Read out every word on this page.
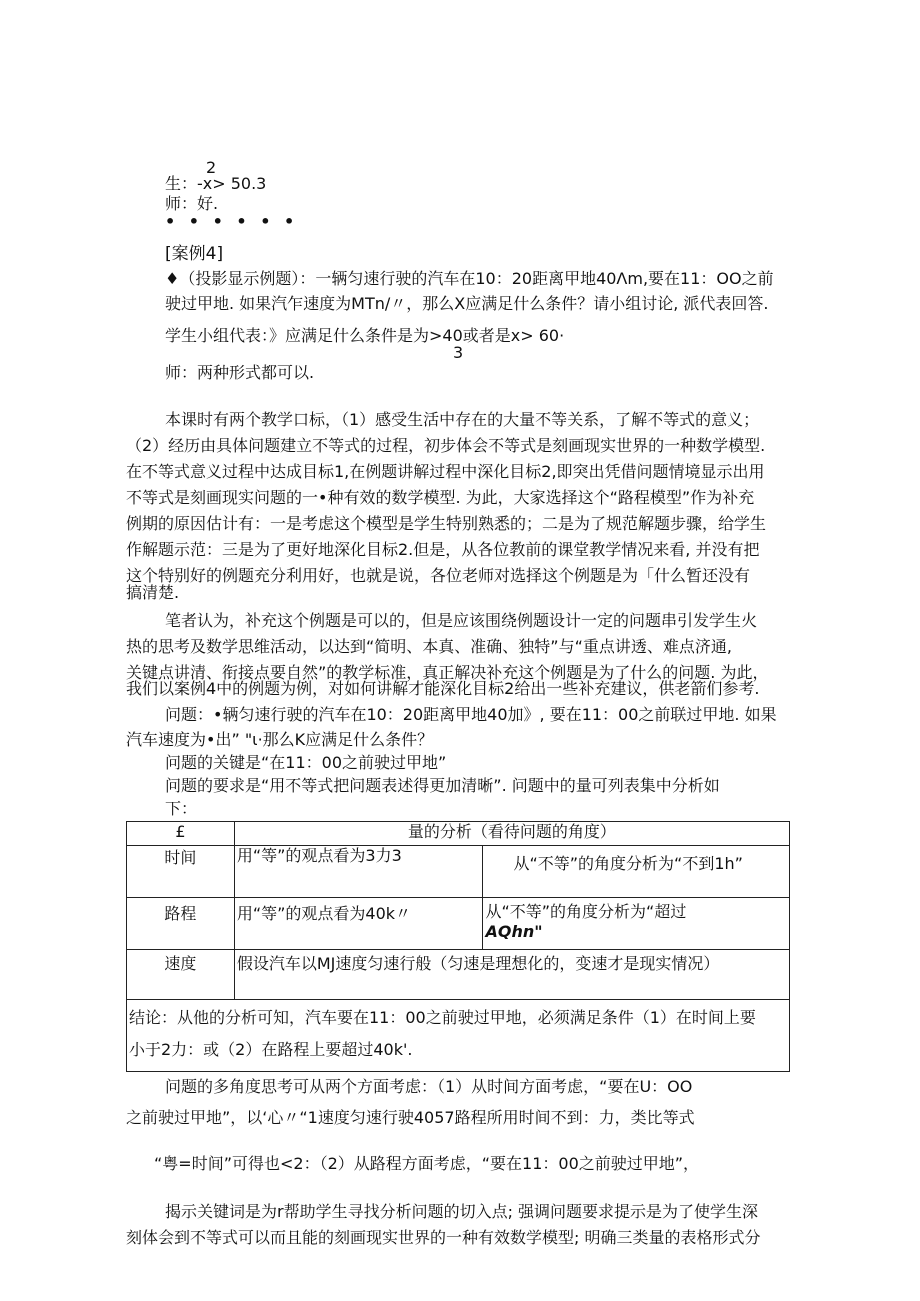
2
生：-x> 50.3
师：好.
• • • • • •
[案例4]
♦（投影显示例题）：一辆匀速行驶的汽车在10：20距离甲地40Λm,要在11：OO之前
驶过甲地. 如果汽乍速度为MTn/〃，那么X应满足什么条件？请小组讨论, 派代表回答.
学生小组代表：》应满足什么条件是为>40或者是x> 60·
3
师：两种形式都可以.
本课时有两个教学口标，（1）感受生活中存在的大量不等关系，了解不等式的意义；
（2）经历由具体问题建立不等式的过程，初步体会不等式是刻画现实世界的一种数学模型.
在不等式意义过程中达成目标1,在例题讲解过程中深化目标2,即突出凭借问题情境显示出用
不等式是刻画现实问题的一•种有效的数学模型. 为此，大家选择这个“路程模型”作为补充
例期的原因估计有：一是考虑这个模型是学生特别熟悉的；二是为了规范解题步骤，给学生
作解题示范：三是为了更好地深化目标2.但是，从各位教前的课堂教学情况来看, 并没有把
这个特别好的例题充分利用好，也就是说，各位老师对选择这个例题是为「什么暂还没有
搞清楚.
笔者认为，补充这个例题是可以的，但是应该围绕例题设计一定的问题串引发学生火
热的思考及数学思维活动，以达到“简明、本真、准确、独特”与“重点讲透、难点济通,
关键点讲清、衔接点要自然”的教学标准，真正解决补充这个例题是为了什么的问题. 为此，
我们以案例4中的例题为例，对如何讲解才能深化目标2给出一些补充建议，供老箭们参考.
问题：•辆匀速行驶的汽车在10：20距离甲地40加》, 要在11：00之前联过甲地. 如果
汽车速度为•出” "ι·那么K应满足什么条件？
问题的关键是“在11：00之前驶过甲地”
问题的要求是“用不等式把问题表述得更加清晰”. 问题中的量可列表集中分析如
下：
£	量的分析（看待问题的角度）	
时间	用“等”的观点看为3力3	从“不等”的角度分析为“不到1h”
路程	用“等”的观点看为40k〃	从“不等”的角度分析为“超过
AQhn"

速度	假设汽车以MJ速度匀速行般（匀速是理想化的，变速才是现实情况）	

结论：从他的分析可知，汽车要在11：00之前驶过甲地，必须满足条件（1）在时间上要
小于2力：或（2）在路程上要超过40k'.		
问题的多角度思考可从两个方面考虑：（1）从时间方面考虑，“要在U：OO
之前驶过甲地”，以‘心〃“1速度匀速行驶4057路程所用时间不到：力，类比等式
“粤=时间”可得也<2：（2）从路程方面考虑，“要在11：00之前驶过甲地”，
揭示关键词是为r帮助学生寻找分析问题的切入点; 强调问题要求提示是为了使学生深
刻体会到不等式可以而且能的刻画现实世界的一种有效数学模型; 明确三类量的表格形式分
